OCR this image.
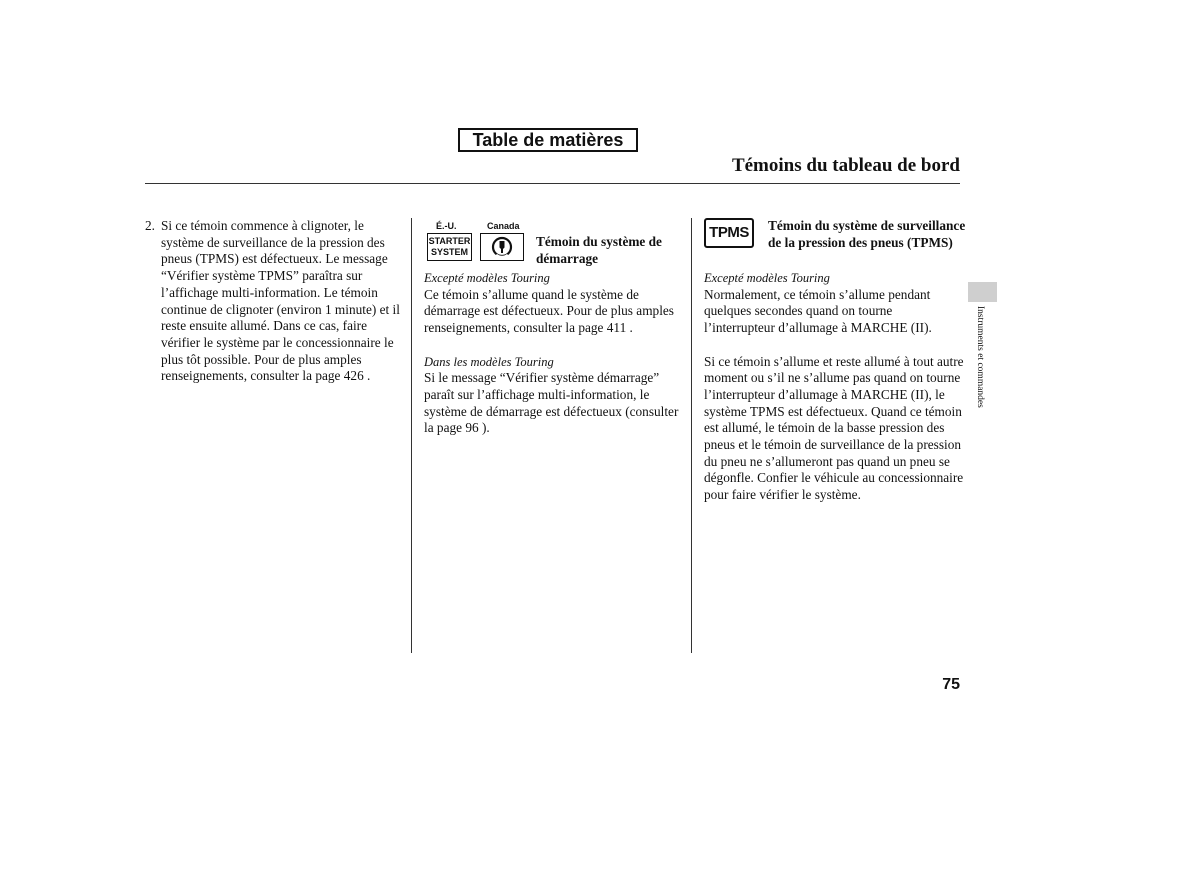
Table de matières
Témoins du tableau de bord
2. Si ce témoin commence à clignoter, le système de surveillance de la pression des pneus (TPMS) est défectueux. Le message “Vérifier système TPMS” paraîtra sur l’affichage multi-information. Le témoin continue de clignoter (environ 1 minute) et il reste ensuite allumé. Dans ce cas, faire vérifier le système par le concessionnaire le plus tôt possible. Pour de plus amples renseignements, consulter la page 426 .

É.-U.	Canada
STARTER
SYSTEM
Témoin du système de démarrage

Excepté modèles Touring

Ce témoin s’allume quand le système de démarrage est défectueux. Pour de plus amples renseignements, consulter la page 411 .

Dans les modèles Touring

Si le message “Vérifier système démarrage” paraît sur l’affichage multi-information, le système de démarrage est défectueux (consulter la page 96 ).

TPMS	Témoin du système de surveillance de la pression des pneus (TPMS)

Excepté modèles Touring

Normalement, ce témoin s’allume pendant quelques secondes quand on tourne l’interrupteur d’allumage à MARCHE (II).

Si ce témoin s’allume et reste allumé à tout autre moment ou s’il ne s’allume pas quand on tourne l’interrupteur d’allumage à MARCHE (II), le système TPMS est défectueux. Quand ce témoin est allumé, le témoin de la basse pression des pneus et le témoin de surveillance de la pression du pneu ne s’allumeront pas quand un pneu se dégonfle. Confier le véhicule au concessionnaire pour faire vérifier le système.

Instruments et commandes
75
